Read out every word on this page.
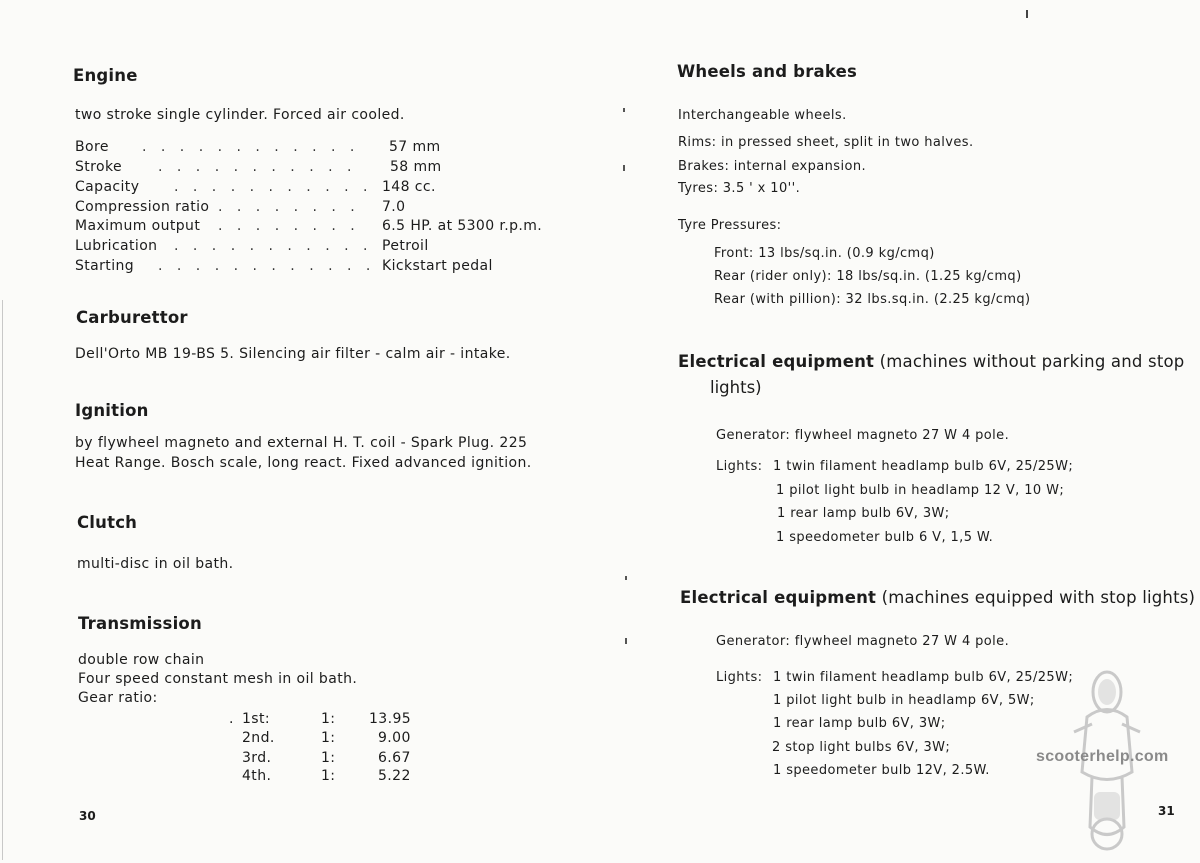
Engine
two stroke single cylinder. Forced air cooled.
Bore . . . . . . . . . . . . 57 mm
Stroke	. . . . . . . . . . . 58 mm
Capacity . . . . . . . . . . . 148 cc.
Compression ratio . . . . . . . . 7.0
Maximum output . . . . . . . . 6.5 HP. at 5300 r.p.m.
Lubrication . . . . . . . . . . . Petroil
Starting . . . . . . . . . . . . Kickstart pedal
Carburettor
Dell'Orto MB 19-BS 5. Silencing air filter - calm air - intake.
Ignition
by flywheel magneto and external H. T. coil - Spark Plug. 225
Heat Range. Bosch scale, long react. Fixed advanced ignition.
Clutch
multi-disc in oil bath.
Transmission
double row chain
Four speed constant mesh in oil bath.
Gear ratio:
. 1st:	1: 13.95
2nd.	1:	9.00
3rd.	1:	6.67
4th.	1:	5.22
30
Wheels and brakes
Interchangeable wheels.
Rims: in pressed sheet, split in two halves.
Brakes: internal expansion.
Tyres: 3.5 ' x 10''.
Tyre Pressures:
Front: 13 lbs/sq.in. (0.9 kg/cmq)
Rear (rider only): 18 lbs/sq.in. (1.25 kg/cmq)
Rear (with pillion): 32 lbs.sq.in. (2.25 kg/cmq)
Electrical equipment (machines without parking and stop
lights)
Generator: flywheel magneto 27 W 4 pole.
Lights: 1 twin filament headlamp bulb 6V, 25/25W;
1 pilot light bulb in headlamp 12 V, 10 W;
1 rear lamp bulb 6V, 3W;
1 speedometer bulb 6 V, 1,5 W.
Electrical equipment (machines equipped with stop lights)
Generator: flywheel magneto 27 W 4 pole.
Lights: 1 twin filament headlamp bulb 6V, 25/25W;
1 pilot light bulb in headlamp 6V, 5W;
1 rear lamp bulb 6V, 3W;
2 stop light bulbs 6V, 3W;
1 speedometer bulb 12V, 2.5W.
31
scooterhelp.com
